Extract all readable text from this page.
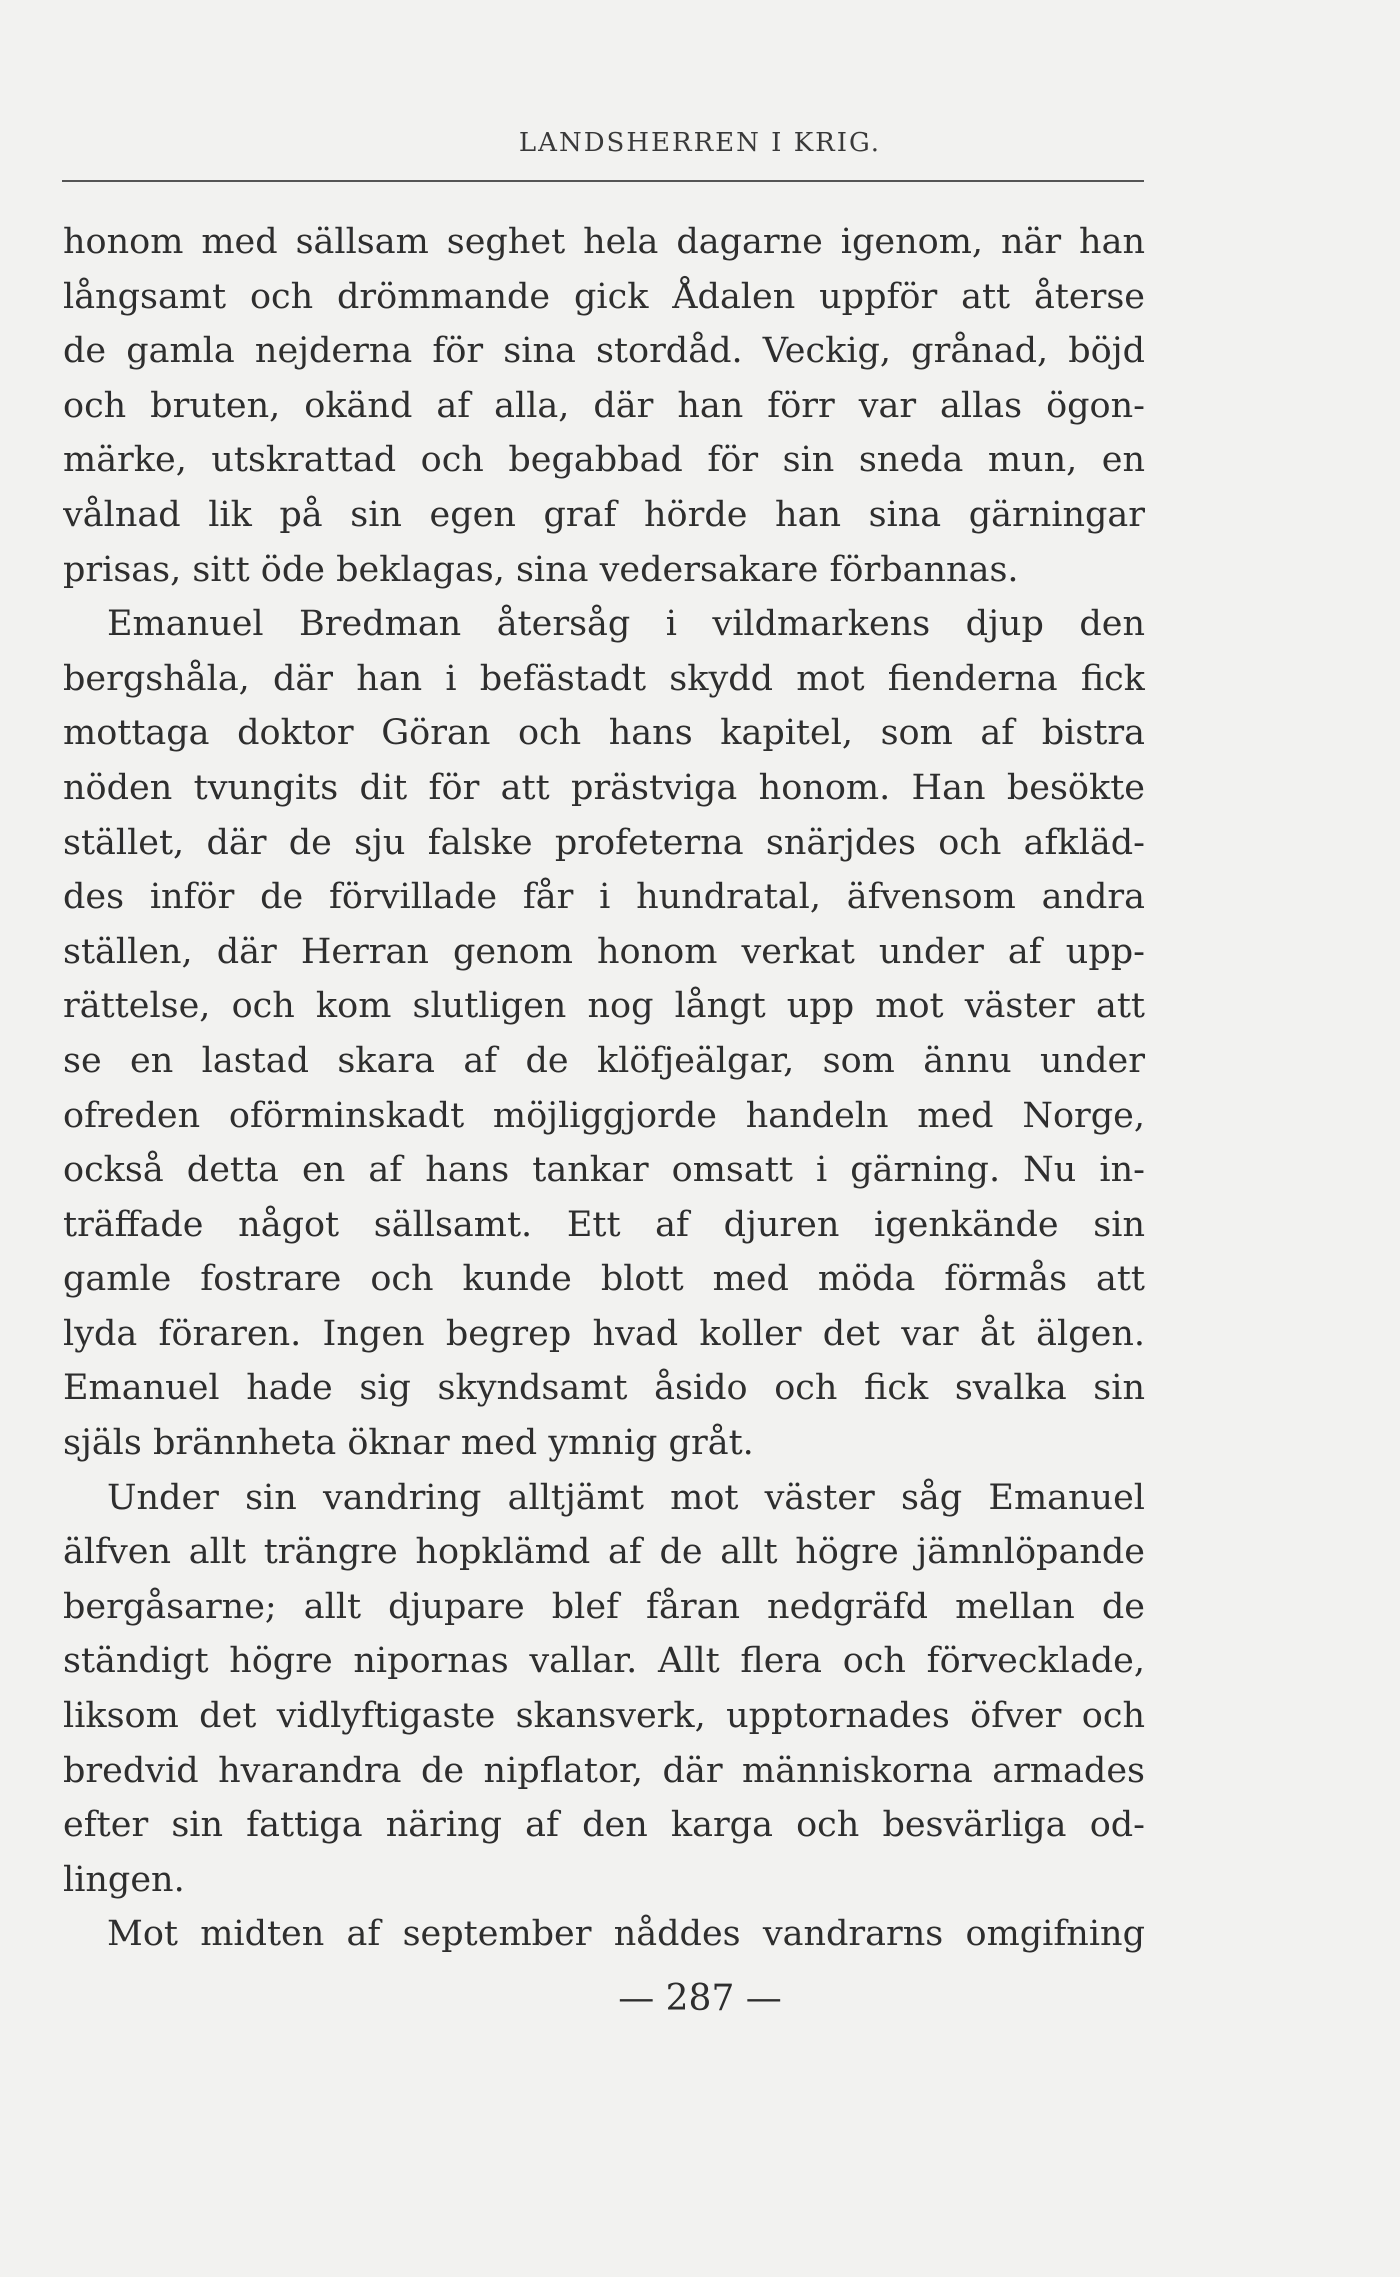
LANDSHERREN I KRIG.
honom med sällsam seghet hela dagarne igenom, när han
långsamt och drömmande gick Ådalen uppför att återse
de gamla nejderna för sina stordåd. Veckig, grånad, böjd
och bruten, okänd af alla, där han förr var allas ögon-
märke, utskrattad och begabbad för sin sneda mun, en
vålnad lik på sin egen graf hörde han sina gärningar
prisas, sitt öde beklagas, sina vedersakare förbannas.
Emanuel Bredman återsåg i vildmarkens djup den
bergshåla, där han i befästadt skydd mot fienderna fick
mottaga doktor Göran och hans kapitel, som af bistra
nöden tvungits dit för att prästviga honom. Han besökte
stället, där de sju falske profeterna snärjdes och afkläd-
des inför de förvillade får i hundratal, äfvensom andra
ställen, där Herran genom honom verkat under af upp-
rättelse, och kom slutligen nog långt upp mot väster att
se en lastad skara af de klöfjeälgar, som ännu under
ofreden oförminskadt möjliggjorde handeln med Norge,
också detta en af hans tankar omsatt i gärning. Nu in-
träffade något sällsamt. Ett af djuren igenkände sin
gamle fostrare och kunde blott med möda förmås att
lyda föraren. Ingen begrep hvad koller det var åt älgen.
Emanuel hade sig skyndsamt åsido och fick svalka sin
själs brännheta öknar med ymnig gråt.
Under sin vandring alltjämt mot väster såg Emanuel
älfven allt trängre hopklämd af de allt högre jämnlöpande
bergåsarne; allt djupare blef fåran nedgräfd mellan de
ständigt högre nipornas vallar. Allt flera och förvecklade,
liksom det vidlyftigaste skansverk, upptornades öfver och
bredvid hvarandra de nipflator, där människorna armades
efter sin fattiga näring af den karga och besvärliga od-
lingen.
Mot midten af september nåddes vandrarns omgifning
— 287 —
